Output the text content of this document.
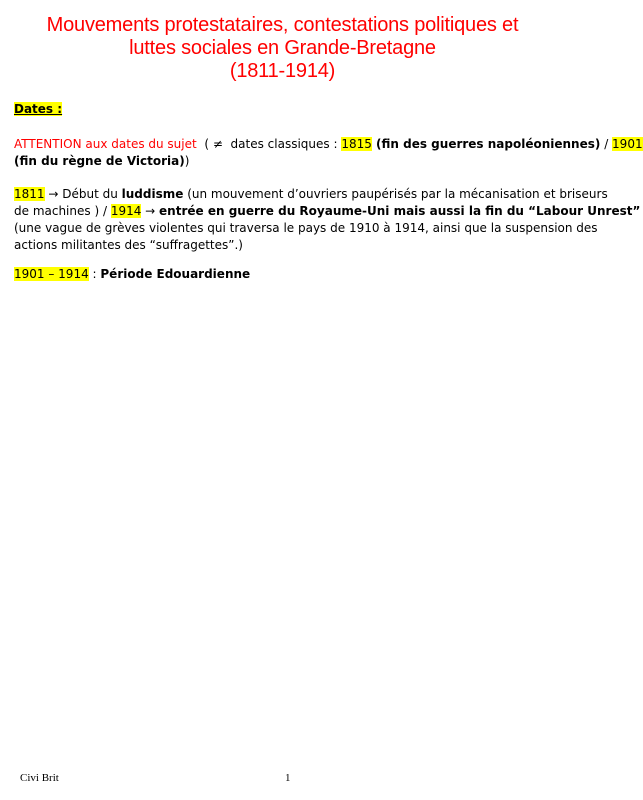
Mouvements protestataires, contestations politiques et
luttes sociales en Grande-Bretagne
(1811-1914)
Dates :
ATTENTION aux dates du sujet  ( ≠  dates classiques : 1815 (fin des guerres napoléoniennes) / 1901
(fin du règne de Victoria))
1811 → Début du luddisme (un mouvement d’ouvriers paupérisés par la mécanisation et briseurs
de machines ) / 1914 → entrée en guerre du Royaume-Uni mais aussi la fin du “Labour Unrest”
(une vague de grèves violentes qui traversa le pays de 1910 à 1914, ainsi que la suspension des
actions militantes des “suffragettes”.)
1901 – 1914 : Période Edouardienne
Civi Brit	1
